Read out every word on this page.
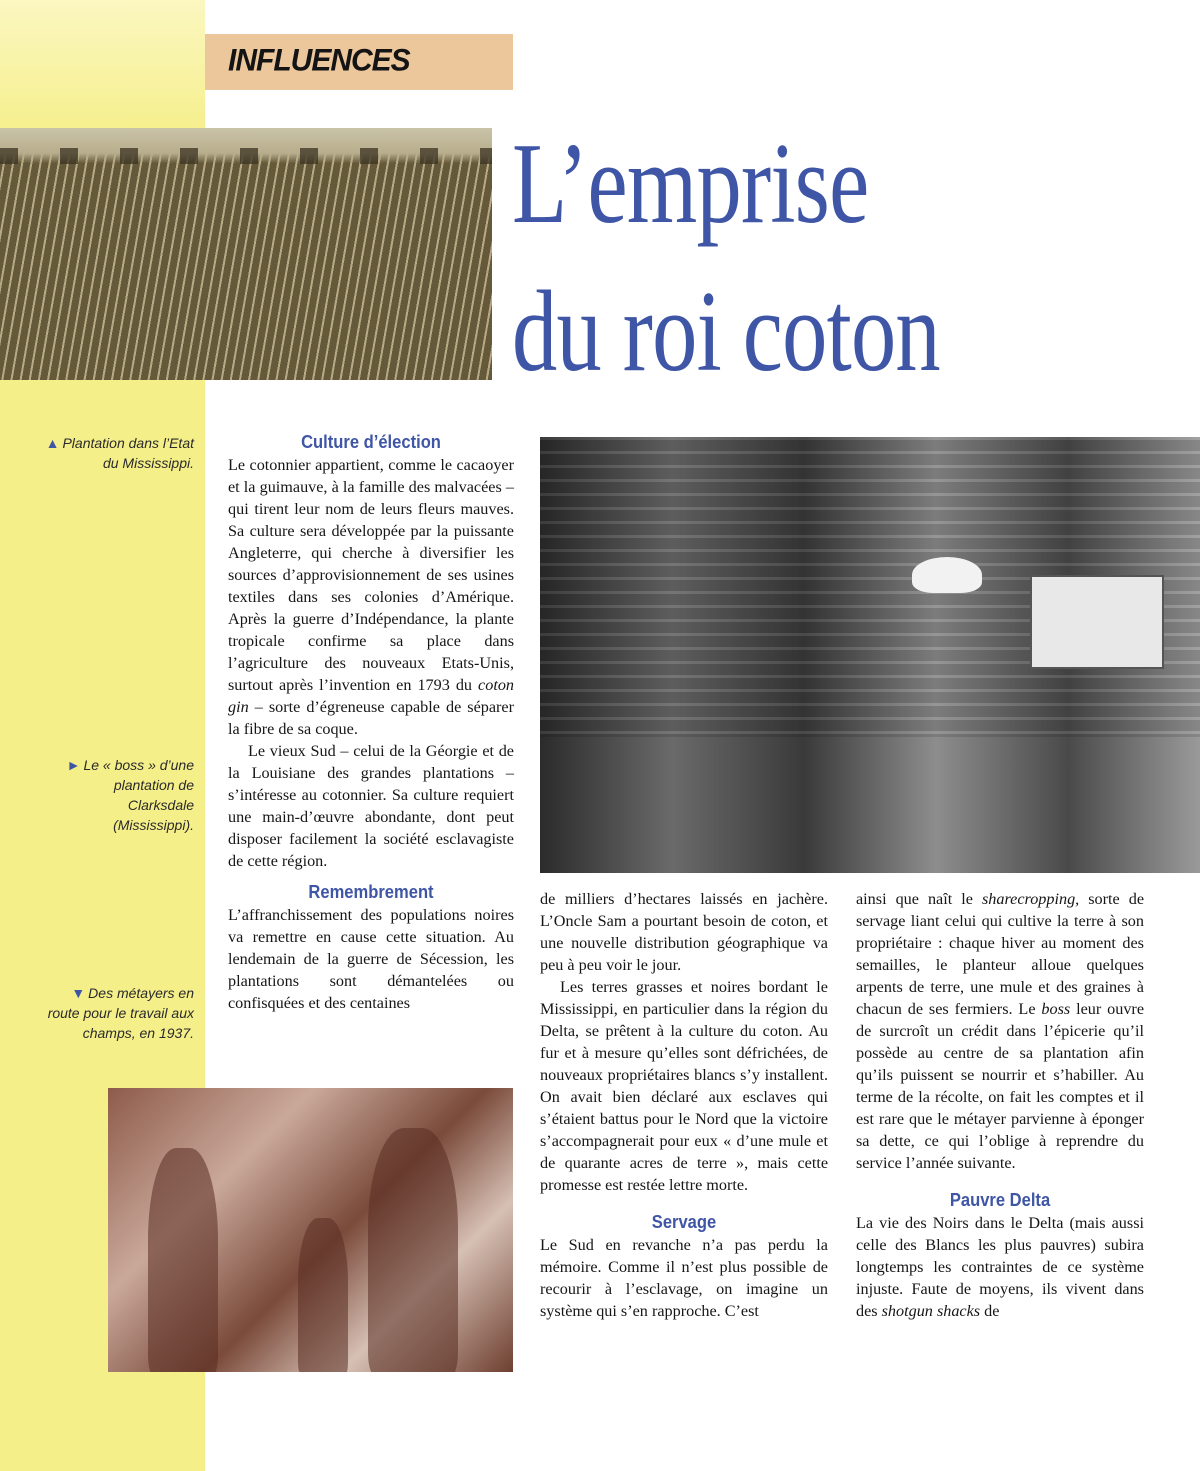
INFLUENCES
L’emprise
du roi coton
▲ Plantation dans l’Etat du Mississippi.
► Le « boss » d’une plantation de Clarksdale (Mississippi).
▼ Des métayers en route pour le travail aux champs, en 1937.
Culture d’élection

Le cotonnier appartient, comme le cacaoyer et la guimauve, à la famille des malvacées – qui tirent leur nom de leurs fleurs mauves. Sa culture sera développée par la puissante Angleterre, qui cherche à diversifier les sources d’approvisionnement de ses usines textiles dans ses colonies d’Amérique. Après la guerre d’Indépendance, la plante tropicale confirme sa place dans l’agriculture des nouveaux Etats-Unis, surtout après l’invention en 1793 du coton gin – sorte d’égreneuse capable de séparer la fibre de sa coque.

Le vieux Sud – celui de la Géorgie et de la Louisiane des grandes plantations – s’intéresse au cotonnier. Sa culture requiert une main-d’œuvre abondante, dont peut disposer facilement la société esclavagiste de cette région.

Remembrement

L’affranchissement des populations noires va remettre en cause cette situation. Au lendemain de la guerre de Sécession, les plantations sont démantelées ou confisquées et des centaines

de milliers d’hectares laissés en jachère. L’Oncle Sam a pourtant besoin de coton, et une nouvelle distribution géographique va peu à peu voir le jour.

Les terres grasses et noires bordant le Mississippi, en particulier dans la région du Delta, se prêtent à la culture du coton. Au fur et à mesure qu’elles sont défrichées, de nouveaux propriétaires blancs s’y installent. On avait bien déclaré aux esclaves qui s’étaient battus pour le Nord que la victoire s’accompagnerait pour eux « d’une mule et de quarante acres de terre », mais cette promesse est restée lettre morte.

Servage

Le Sud en revanche n’a pas perdu la mémoire. Comme il n’est plus possible de recourir à l’esclavage, on imagine un système qui s’en rapproche. C’est

ainsi que naît le sharecropping, sorte de servage liant celui qui cultive la terre à son propriétaire : chaque hiver au moment des semailles, le planteur alloue quelques arpents de terre, une mule et des graines à chacun de ses fermiers. Le boss leur ouvre de surcroît un crédit dans l’épicerie qu’il possède au centre de sa plantation afin qu’ils puissent se nourrir et s’habiller. Au terme de la récolte, on fait les comptes et il est rare que le métayer parvienne à éponger sa dette, ce qui l’oblige à reprendre du service l’année suivante.

Pauvre Delta

La vie des Noirs dans le Delta (mais aussi celle des Blancs les plus pauvres) subira longtemps les contraintes de ce système injuste. Faute de moyens, ils vivent dans des shotgun shacks de
